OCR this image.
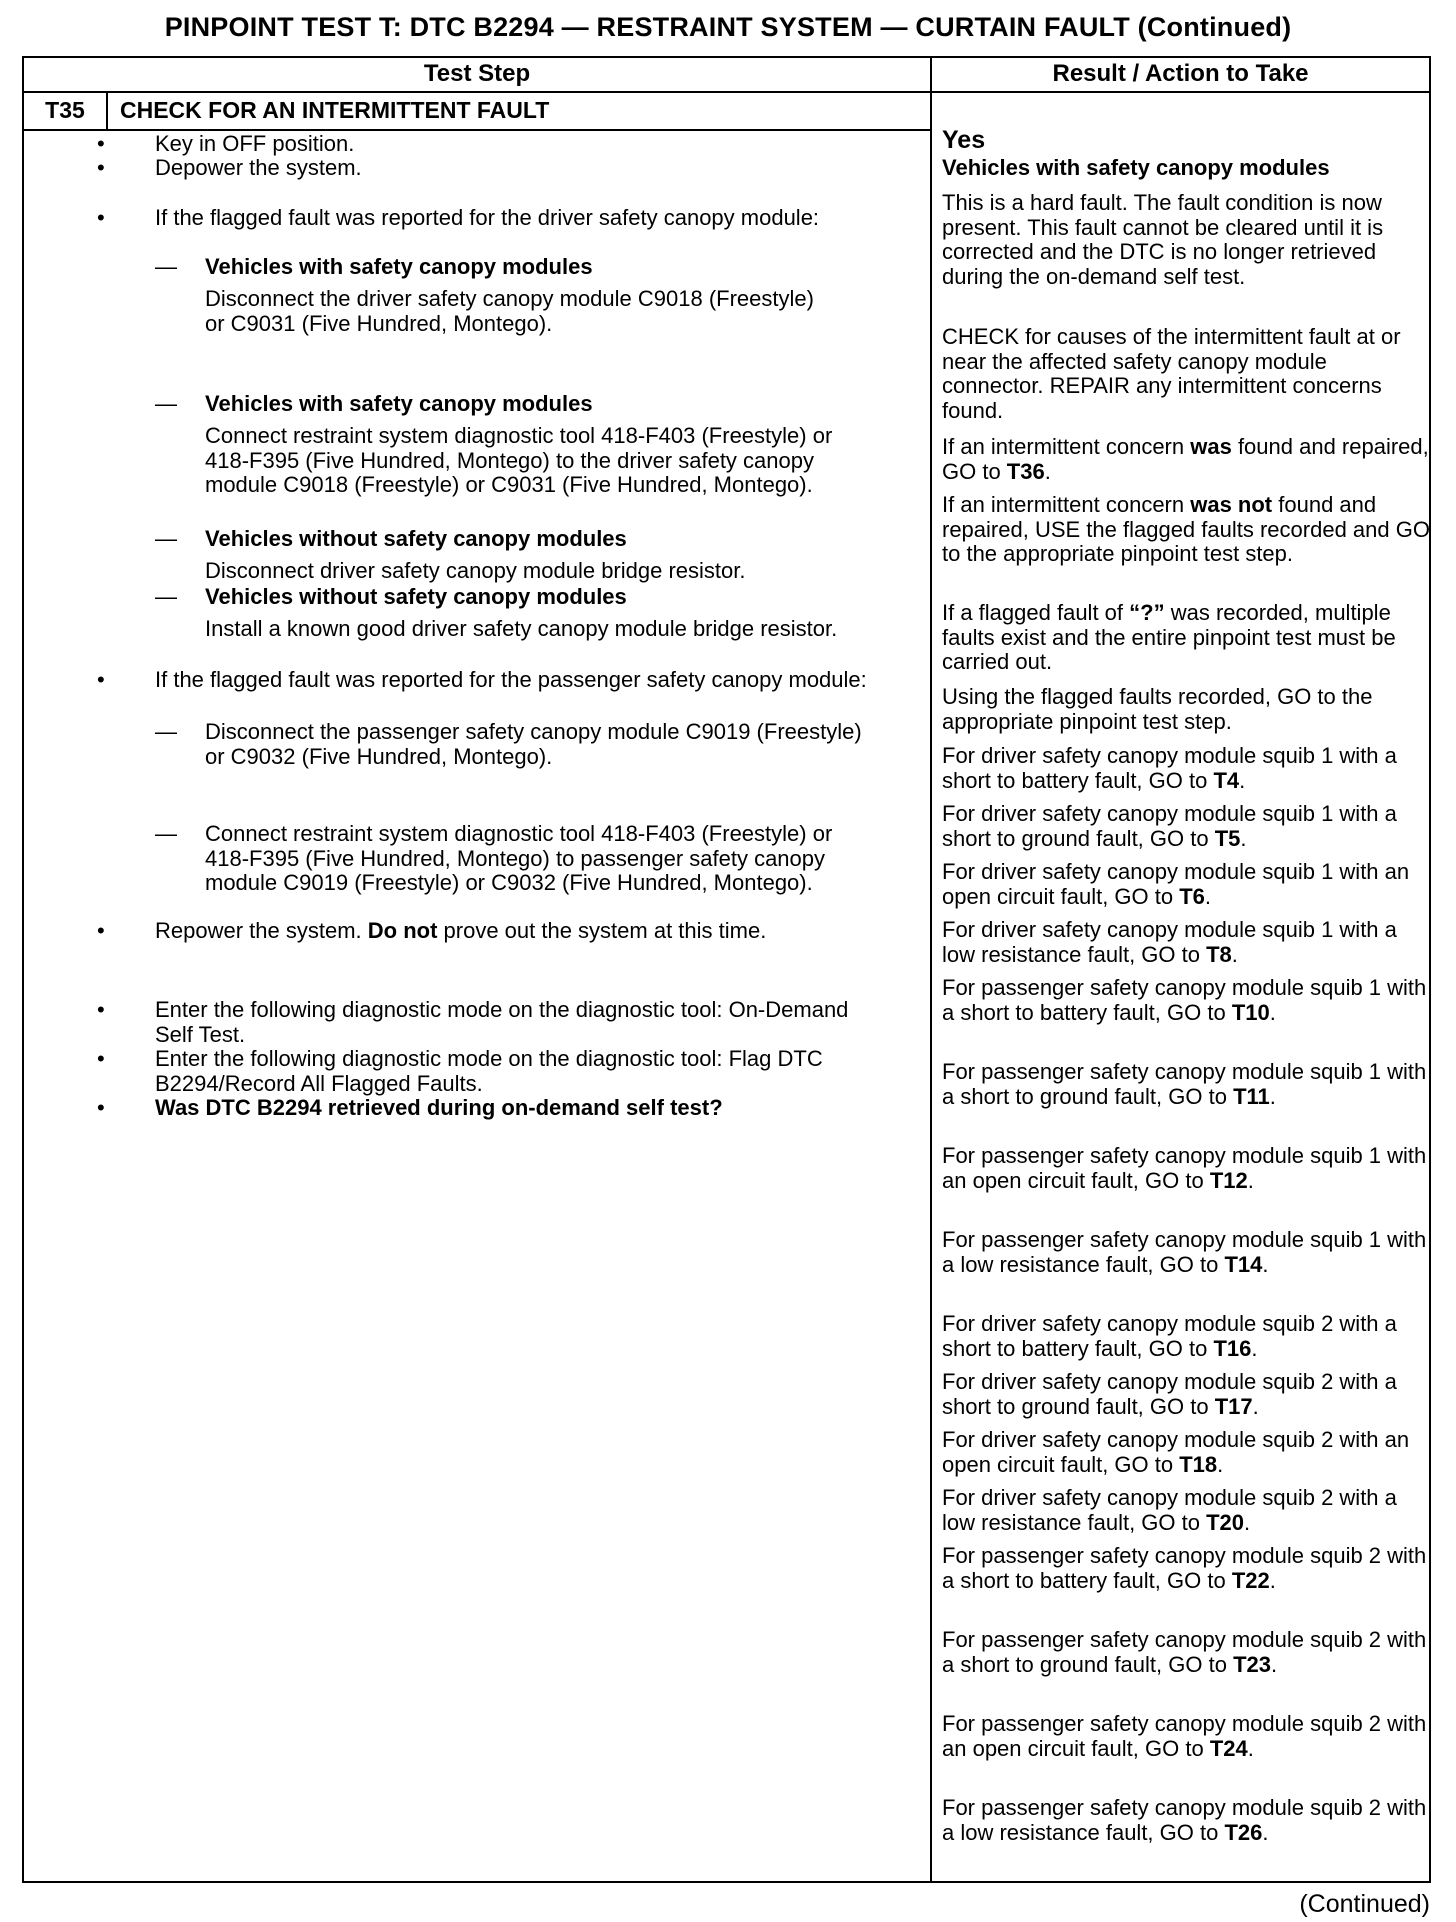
PINPOINT TEST T: DTC B2294 — RESTRAINT SYSTEM — CURTAIN FAULT (Continued)
Test Step	Result / Action to Take
T35	CHECK FOR AN INTERMITTENT FAULT
• Key in OFF position.
• Depower the system.
• If the flagged fault was reported for the driver safety canopy module:
— Vehicles with safety canopy modules
Disconnect the driver safety canopy module C9018 (Freestyle) or C9031 (Five Hundred, Montego).
— Vehicles with safety canopy modules
Connect restraint system diagnostic tool 418-F403 (Freestyle) or 418-F395 (Five Hundred, Montego) to the driver safety canopy module C9018 (Freestyle) or C9031 (Five Hundred, Montego).
— Vehicles without safety canopy modules
Disconnect driver safety canopy module bridge resistor.
— Vehicles without safety canopy modules
Install a known good driver safety canopy module bridge resistor.
• If the flagged fault was reported for the passenger safety canopy module:
— Disconnect the passenger safety canopy module C9019 (Freestyle) or C9032 (Five Hundred, Montego).
— Connect restraint system diagnostic tool 418-F403 (Freestyle) or 418-F395 (Five Hundred, Montego) to passenger safety canopy module C9019 (Freestyle) or C9032 (Five Hundred, Montego).
• Repower the system. Do not prove out the system at this time.
• Enter the following diagnostic mode on the diagnostic tool: On-Demand Self Test.
• Enter the following diagnostic mode on the diagnostic tool: Flag DTC B2294/Record All Flagged Faults.
• Was DTC B2294 retrieved during on-demand self test?
Yes
Vehicles with safety canopy modules
This is a hard fault. The fault condition is now present. This fault cannot be cleared until it is corrected and the DTC is no longer retrieved during the on-demand self test.
CHECK for causes of the intermittent fault at or near the affected safety canopy module connector. REPAIR any intermittent concerns found.
If an intermittent concern was found and repaired, GO to T36.
If an intermittent concern was not found and repaired, USE the flagged faults recorded and GO to the appropriate pinpoint test step.
If a flagged fault of “?” was recorded, multiple faults exist and the entire pinpoint test must be carried out.
Using the flagged faults recorded, GO to the appropriate pinpoint test step.
For driver safety canopy module squib 1 with a short to battery fault, GO to T4.
For driver safety canopy module squib 1 with a short to ground fault, GO to T5.
For driver safety canopy module squib 1 with an open circuit fault, GO to T6.
For driver safety canopy module squib 1 with a low resistance fault, GO to T8.
For passenger safety canopy module squib 1 with a short to battery fault, GO to T10.
For passenger safety canopy module squib 1 with a short to ground fault, GO to T11.
For passenger safety canopy module squib 1 with an open circuit fault, GO to T12.
For passenger safety canopy module squib 1 with a low resistance fault, GO to T14.
For driver safety canopy module squib 2 with a short to battery fault, GO to T16.
For driver safety canopy module squib 2 with a short to ground fault, GO to T17.
For driver safety canopy module squib 2 with an open circuit fault, GO to T18.
For driver safety canopy module squib 2 with a low resistance fault, GO to T20.
For passenger safety canopy module squib 2 with a short to battery fault, GO to T22.
For passenger safety canopy module squib 2 with a short to ground fault, GO to T23.
For passenger safety canopy module squib 2 with an open circuit fault, GO to T24.
For passenger safety canopy module squib 2 with a low resistance fault, GO to T26.
(Continued)
